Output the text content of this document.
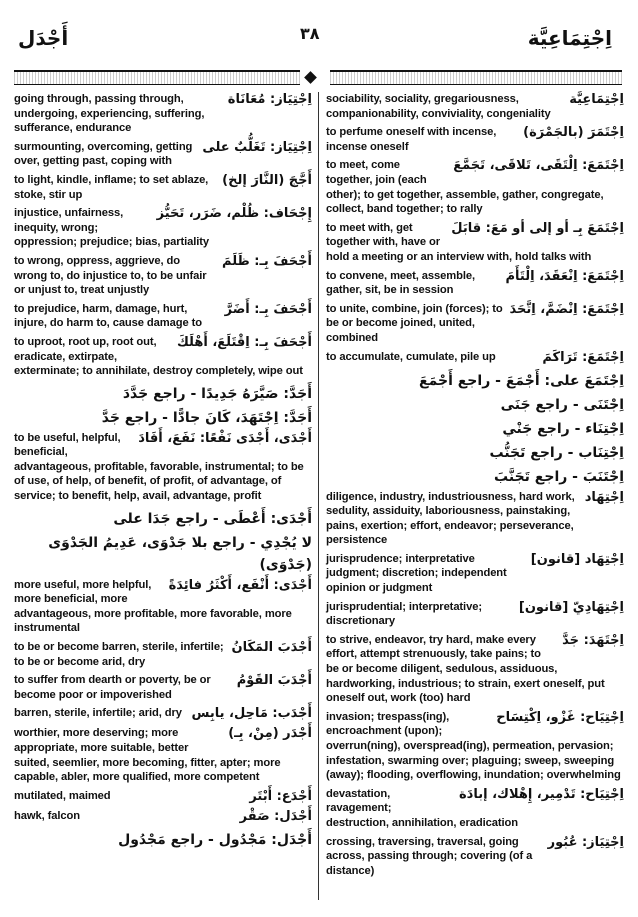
أَجْدَل	٣٨	اِجْتِمَاعِيَّة
اِجْتِيَاز: مُعَانَاة
going through, passing through, undergoing, experiencing, suffering, sufferance, endurance
اِجْتِيَاز: تَغَلُّبٌ على
surmounting, overcoming, getting over, getting past, coping with
أَجَّجَ (النَّارَ إلخ)
to light, kindle, inflame; to set ablaze, stoke, stir up
إِجْحَاف: ظُلْم، ضَرَر، تَحَيُّز
injustice, unfairness, inequity, wrong; oppression; prejudice; bias, partiality
أَجْحَفَ بِـ: ظَلَمَ
to wrong, oppress, aggrieve, do wrong to, do injustice to, to be unfair or unjust to, treat unjustly
أَجْحَفَ بِـ: أَضَرَّ
to prejudice, harm, damage, hurt, injure, do harm to, cause damage to
أَجْحَفَ بِـ: اِقْتَلَعَ، أَهْلَكَ
to uproot, root up, root out, eradicate, extirpate, exterminate; to annihilate, destroy completely, wipe out
أَجَدَّ: صَيَّرَهُ جَدِيدًا - راجع جَدَّدَ
أَجَدَّ: اِجْتَهَدَ، كَانَ جادًّا - راجع جَدَّ
أَجْدَى، أَجْدَى نَفْعًا: نَفَعَ، أَفَادَ
to be useful, helpful, beneficial, advantageous, profitable, favorable, instrumental; to be of use, of help, of benefit, of profit, of advantage, of service; to benefit, help, avail, advantage, profit
أَجْدَى: أَعْطَى - راجع جَدَا على
لا يُجْدِي - راجع بلا جَدْوَى، عَدِيمُ الجَدْوَى (جَدْوَى)
أَجْدَى: أَنْفَع، أَكْثَرُ فائِدَةً
more useful, more helpful, more beneficial, more advantageous, more profitable, more favorable, more instrumental
أَجْدَبَ المَكَانُ
to be or become barren, sterile, infertile; to be or become arid, dry
أَجْدَبَ القَوْمُ
to suffer from dearth or poverty, be or become poor or impoverished
أَجْدَب: مَاحِل، يابِس
barren, sterile, infertile; arid, dry
أَجْدَر (مِنْ، بِـ)
worthier, more deserving; more appropriate, more suitable, better suited, seemlier, more becoming, fitter, apter; more capable, abler, more qualified, more competent
أَجْدَع: أَبْتَر
mutilated, maimed
أَجْدَل: صَقْر
hawk, falcon
أَجْدَل: مَجْدُول - راجع مَجْدُول
اِجْتِمَاعِيَّة
sociability, sociality, gregariousness, companionability, conviviality, congeniality
اِجْتَمَرَ (بالجَمْرَة)
to perfume oneself with incense, incense oneself
اِجْتَمَعَ: اِلْتَقَى، تَلاقَى، تَجَمَّعَ
to meet, come together, join (each other); to get together, assemble, gather, congregate, collect, band together; to rally
اِجْتَمَعَ بِـ أو إلى أو مَعَ: قابَلَ
to meet with, get together with, have or hold a meeting or an interview with, hold talks with
اِجْتَمَعَ: اِنْعَقَدَ، اِلْتَأَمَ
to convene, meet, assemble, gather, sit, be in session
اِجْتَمَعَ: اِنْضَمَّ، اِتَّحَدَ
to unite, combine, join (forces); to be or become joined, united, combined
اِجْتَمَعَ: تَرَاكَمَ
to accumulate, cumulate, pile up
اِجْتَمَعَ على: أَجْمَعَ - راجع أَجْمَعَ
اِجْتَنَى - راجع جَنَى
اِجْتِنَاء - راجع جَنْي
اِجْتِنَاب - راجع تَجَنُّب
اِجْتَنَبَ - راجع تَجَنَّبَ
اِجْتِهَاد
diligence, industry, industriousness, hard work, sedulity, assiduity, laboriousness, painstaking, pains, exertion; effort, endeavor; perseverance, persistence
اِجْتِهَاد [قانون]
jurisprudence; interpretative judgment; discretion; independent opinion or judgment
اِجْتِهَادِيّ [قانون]
jurisprudential; interpretative; discretionary
اِجْتَهَدَ: جَدَّ
to strive, endeavor, try hard, make every effort, attempt strenuously, take pains; to be or become diligent, sedulous, assiduous, hardworking, industrious; to strain, exert oneself, put oneself out, work (too) hard
اِجْتِيَاح: غَزْو، اِكْتِسَاح
invasion; trespass(ing), encroachment (upon); overrun(ning), overspread(ing), permeation, pervasion; infestation, swarming over; plaguing; sweep, sweeping (away); flooding, overflowing, inundation; overwhelming
اِجْتِيَاح: تَدْمِير، إِهْلاك، إبادَة
devastation, ravagement; destruction, annihilation, eradication
اِجْتِيَاز: عُبُور
crossing, traversing, traversal, going across, passing through; covering (of a distance)
